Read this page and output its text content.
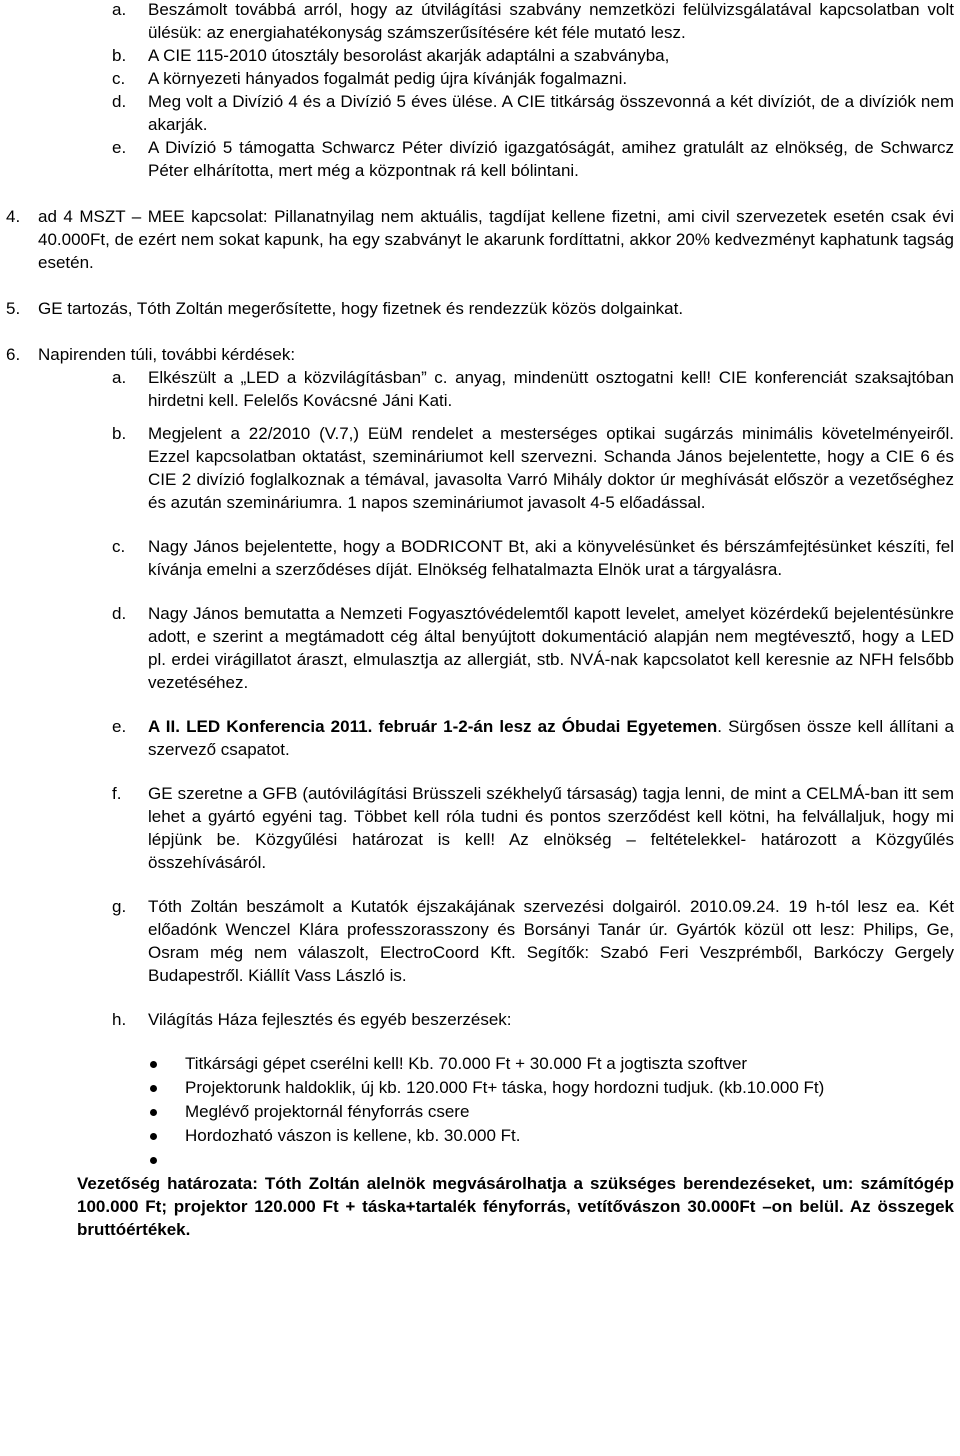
a. Beszámolt továbbá arról, hogy az útvilágítási szabvány nemzetközi felülvizsgálatával kapcsolatban volt ülésük: az energiahatékonyság számszerűsítésére két féle mutató lesz.
b. A CIE 115-2010 útosztály besorolást akarják adaptálni a szabványba,
c. A környezeti hányados fogalmát pedig újra kívánják fogalmazni.
d. Meg volt a Divízió 4 és a Divízió 5 éves ülése. A CIE titkárság összevonná a két divíziót, de a divíziók nem akarják.
e. A Divízió 5 támogatta Schwarcz Péter divízió igazgatóságát, amihez gratulált az elnökség, de Schwarcz Péter elhárította, mert még a központnak rá kell bólintani.
4. ad 4 MSZT – MEE kapcsolat: Pillanatnyilag nem aktuális, tagdíjat kellene fizetni, ami civil szervezetek esetén csak évi 40.000Ft, de ezért nem sokat kapunk, ha egy szabványt le akarunk fordíttatni, akkor 20% kedvezményt kaphatunk tagság esetén.
5. GE tartozás, Tóth Zoltán megerősítette, hogy fizetnek és rendezzük közös dolgainkat.
6. Napirenden túli, további kérdések:
a. Elkészült a „LED a közvilágításban” c. anyag, mindenütt osztogatni kell! CIE konferenciát szaksajtóban hirdetni kell. Felelős Kovácsné Jáni Kati.
b. Megjelent a 22/2010 (V.7,) EüM rendelet a mesterséges optikai sugárzás minimális követelményeiről. Ezzel kapcsolatban oktatást, szemináriumot kell szervezni. Schanda János bejelentette, hogy a CIE 6 és CIE 2 divízió foglalkoznak a témával, javasolta Varró Mihály doktor úr meghívását először a vezetőséghez és azután szemináriumra. 1 napos szemináriumot javasolt 4-5 előadással.
c. Nagy János bejelentette, hogy a BODRICONT Bt, aki a könyvelésünket és bérszámfejtésünket készíti, fel kívánja emelni a szerződéses díját. Elnökség felhatalmazta Elnök urat a tárgyalásra.
d. Nagy János bemutatta a Nemzeti Fogyasztóvédelemtől kapott levelet, amelyet közérdekű bejelentésünkre adott, e szerint a megtámadott cég által benyújtott dokumentáció alapján nem megtévesztő, hogy a LED pl. erdei virágillatot áraszt, elmulasztja az allergiát, stb. NVÁ-nak kapcsolatot kell keresnie az NFH felsőbb vezetéséhez.
e. A II. LED Konferencia 2011. február 1-2-án lesz az Óbudai Egyetemen. Sürgősen össze kell állítani a szervező csapatot.
f. GE szeretne a GFB (autóvilágítási Brüsszeli székhelyű társaság) tagja lenni, de mint a CELMÁ-ban itt sem lehet a gyártó egyéni tag. Többet kell róla tudni és pontos szerződést kell kötni, ha felvállaljuk, hogy mi lépjünk be. Közgyűlési határozat is kell! Az elnökség – feltételekkel- határozott a Közgyűlés összehívásáról.
g. Tóth Zoltán beszámolt a Kutatók éjszakájának szervezési dolgairól. 2010.09.24. 19 h-tól lesz ea. Két előadónk Wenczel Klára professzorasszony és Borsányi Tanár úr. Gyártók közül ott lesz: Philips, Ge, Osram még nem válaszolt, ElectroCoord Kft. Segítők: Szabó Feri Veszprémből, Barkóczy Gergely Budapestről. Kiállít Vass László is.
h. Világítás Háza fejlesztés és egyéb beszerzések:
Titkársági gépet cserélni kell! Kb. 70.000 Ft + 30.000 Ft a jogtiszta szoftver
Projektorunk haldoklik, új kb. 120.000 Ft+ táska, hogy hordozni tudjuk. (kb.10.000 Ft)
Meglévő projektornál fényforrás csere
Hordozható vászon is kellene, kb. 30.000 Ft.
Vezetőség határozata: Tóth Zoltán alelnök megvásárolhatja a szükséges berendezéseket, um: számítógép 100.000 Ft; projektor 120.000 Ft + táska+tartalék fényforrás, vetítővászon 30.000Ft –on belül. Az összegek bruttóértékek.
